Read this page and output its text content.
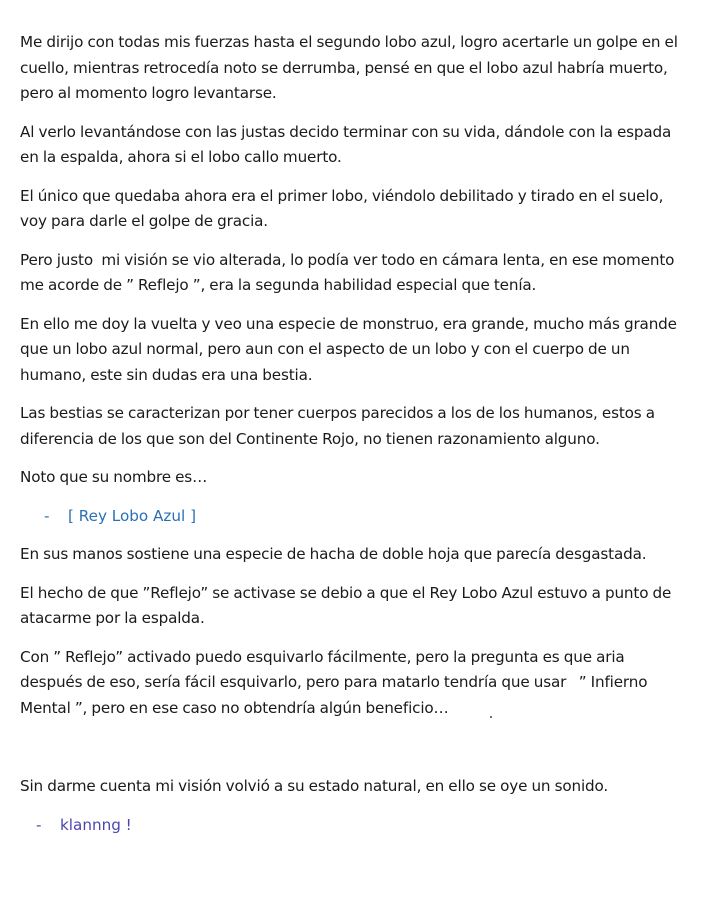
Me dirijo con todas mis fuerzas hasta el segundo lobo azul, logro acertarle un golpe en el cuello, mientras retrocedía noto se derrumba, pensé en que el lobo azul habría muerto, pero al momento logro levantarse.

Al verlo levantándose con las justas decido terminar con su vida, dándole con la espada en la espalda, ahora si el lobo callo muerto.

El único que quedaba ahora era el primer lobo, viéndolo debilitado y tirado en el suelo, voy para darle el golpe de gracia.

Pero justo  mi visión se vio alterada, lo podía ver todo en cámara lenta, en ese momento me acorde de ” Reflejo ”, era la segunda habilidad especial que tenía.

En ello me doy la vuelta y veo una especie de monstruo, era grande, mucho más grande que un lobo azul normal, pero aun con el aspecto de un lobo y con el cuerpo de un humano, este sin dudas era una bestia.

Las bestias se caracterizan por tener cuerpos parecidos a los de los humanos, estos a diferencia de los que son del Continente Rojo, no tienen razonamiento alguno.

Noto que su nombre es…

-	[ Rey Lobo Azul ]

En sus manos sostiene una especie de hacha de doble hoja que parecía desgastada.

El hecho de que ”Reflejo” se activase se debio a que el Rey Lobo Azul estuvo a punto de atacarme por la espalda.

Con ” Reflejo” activado puedo esquivarlo fácilmente, pero la pregunta es que aria después de eso, sería fácil esquivarlo, pero para matarlo tendría que usar   ” Infierno Mental ”, pero en ese caso no obtendría algún beneficio…

Sin darme cuenta mi visión volvió a su estado natural, en ello se oye un sonido.

-	klannng !
